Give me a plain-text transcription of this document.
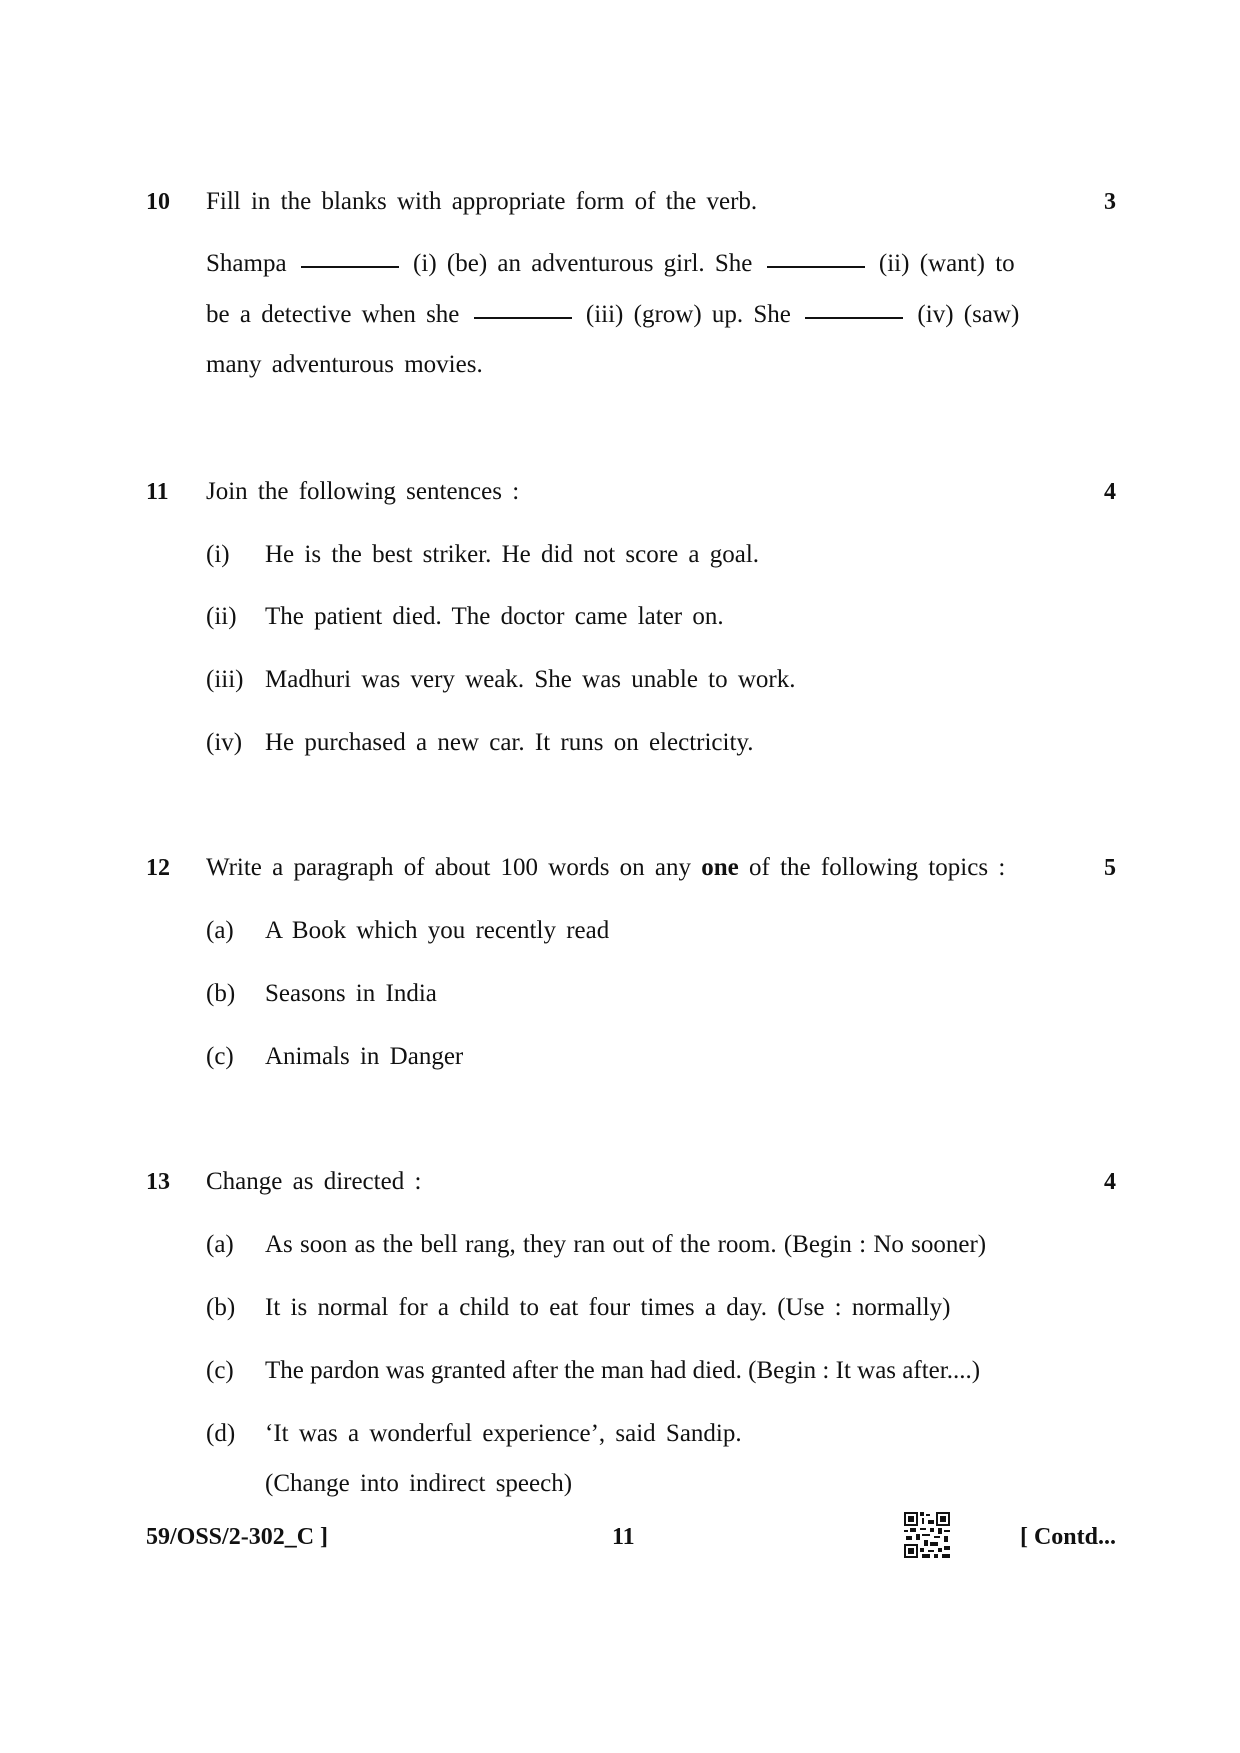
10 Fill in the blanks with appropriate form of the verb.	3
Shampa	(i) (be) an adventurous girl. She	(ii) (want) to
be a detective when she	(iii) (grow) up. She	(iv) (saw)
many adventurous movies.
11 Join the following sentences :	4
(i) He is the best striker. He did not score a goal.
(ii) The patient died. The doctor came later on.
(iii) Madhuri was very weak. She was unable to work.
(iv) He purchased a new car. It runs on electricity.
12 Write a paragraph of about 100 words on any one of the following topics :	5
(a) A Book which you recently read
(b) Seasons in India
(c) Animals in Danger
13 Change as directed :	4
(a) As soon as the bell rang, they ran out of the room. (Begin : No sooner)
(b) It is normal for a child to eat four times a day. (Use : normally)
(c) The pardon was granted after the man had died. (Begin : It was after....)
(d) ‘It was a wonderful experience’, said Sandip.
(Change into indirect speech)
59/OSS/2-302_C ]	11	[ Contd...
